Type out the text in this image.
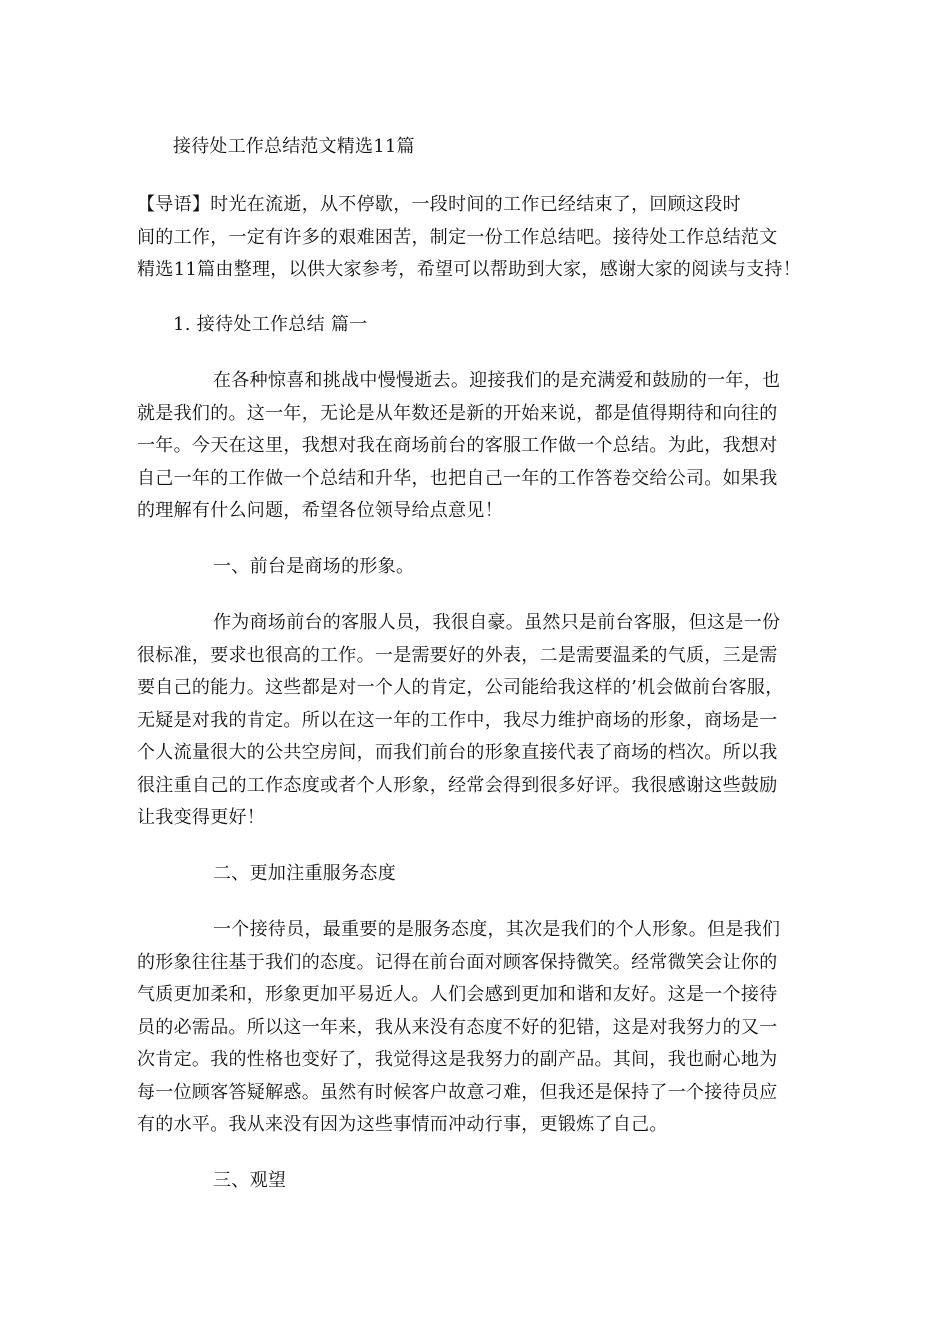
接待处工作总结范文精选11篇
【导语】时光在流逝，从不停歇，一段时间的工作已经结束了，回顾这段时
间的工作，一定有许多的艰难困苦，制定一份工作总结吧。接待处工作总结范文
精选11篇由整理，以供大家参考，希望可以帮助到大家，感谢大家的阅读与支持！
1. 接待处工作总结 篇一
在各种惊喜和挑战中慢慢逝去。迎接我们的是充满爱和鼓励的一年，也
就是我们的。这一年，无论是从年数还是新的开始来说，都是值得期待和向往的
一年。今天在这里，我想对我在商场前台的客服工作做一个总结。为此，我想对
自己一年的工作做一个总结和升华，也把自己一年的工作答卷交给公司。如果我
的理解有什么问题，希望各位领导给点意见！
一、前台是商场的形象。
作为商场前台的客服人员，我很自豪。虽然只是前台客服，但这是一份
很标准，要求也很高的工作。一是需要好的外表，二是需要温柔的气质，三是需
要自己的能力。这些都是对一个人的肯定，公司能给我这样的’机会做前台客服，
无疑是对我的肯定。所以在这一年的工作中，我尽力维护商场的形象，商场是一
个人流量很大的公共空房间，而我们前台的形象直接代表了商场的档次。所以我
很注重自己的工作态度或者个人形象，经常会得到很多好评。我很感谢这些鼓励
让我变得更好！
二、更加注重服务态度
一个接待员，最重要的是服务态度，其次是我们的个人形象。但是我们
的形象往往基于我们的态度。记得在前台面对顾客保持微笑。经常微笑会让你的
气质更加柔和，形象更加平易近人。人们会感到更加和谐和友好。这是一个接待
员的必需品。所以这一年来，我从来没有态度不好的犯错，这是对我努力的又一
次肯定。我的性格也变好了，我觉得这是我努力的副产品。其间，我也耐心地为
每一位顾客答疑解惑。虽然有时候客户故意刁难，但我还是保持了一个接待员应
有的水平。我从来没有因为这些事情而冲动行事，更锻炼了自己。
三、观望
